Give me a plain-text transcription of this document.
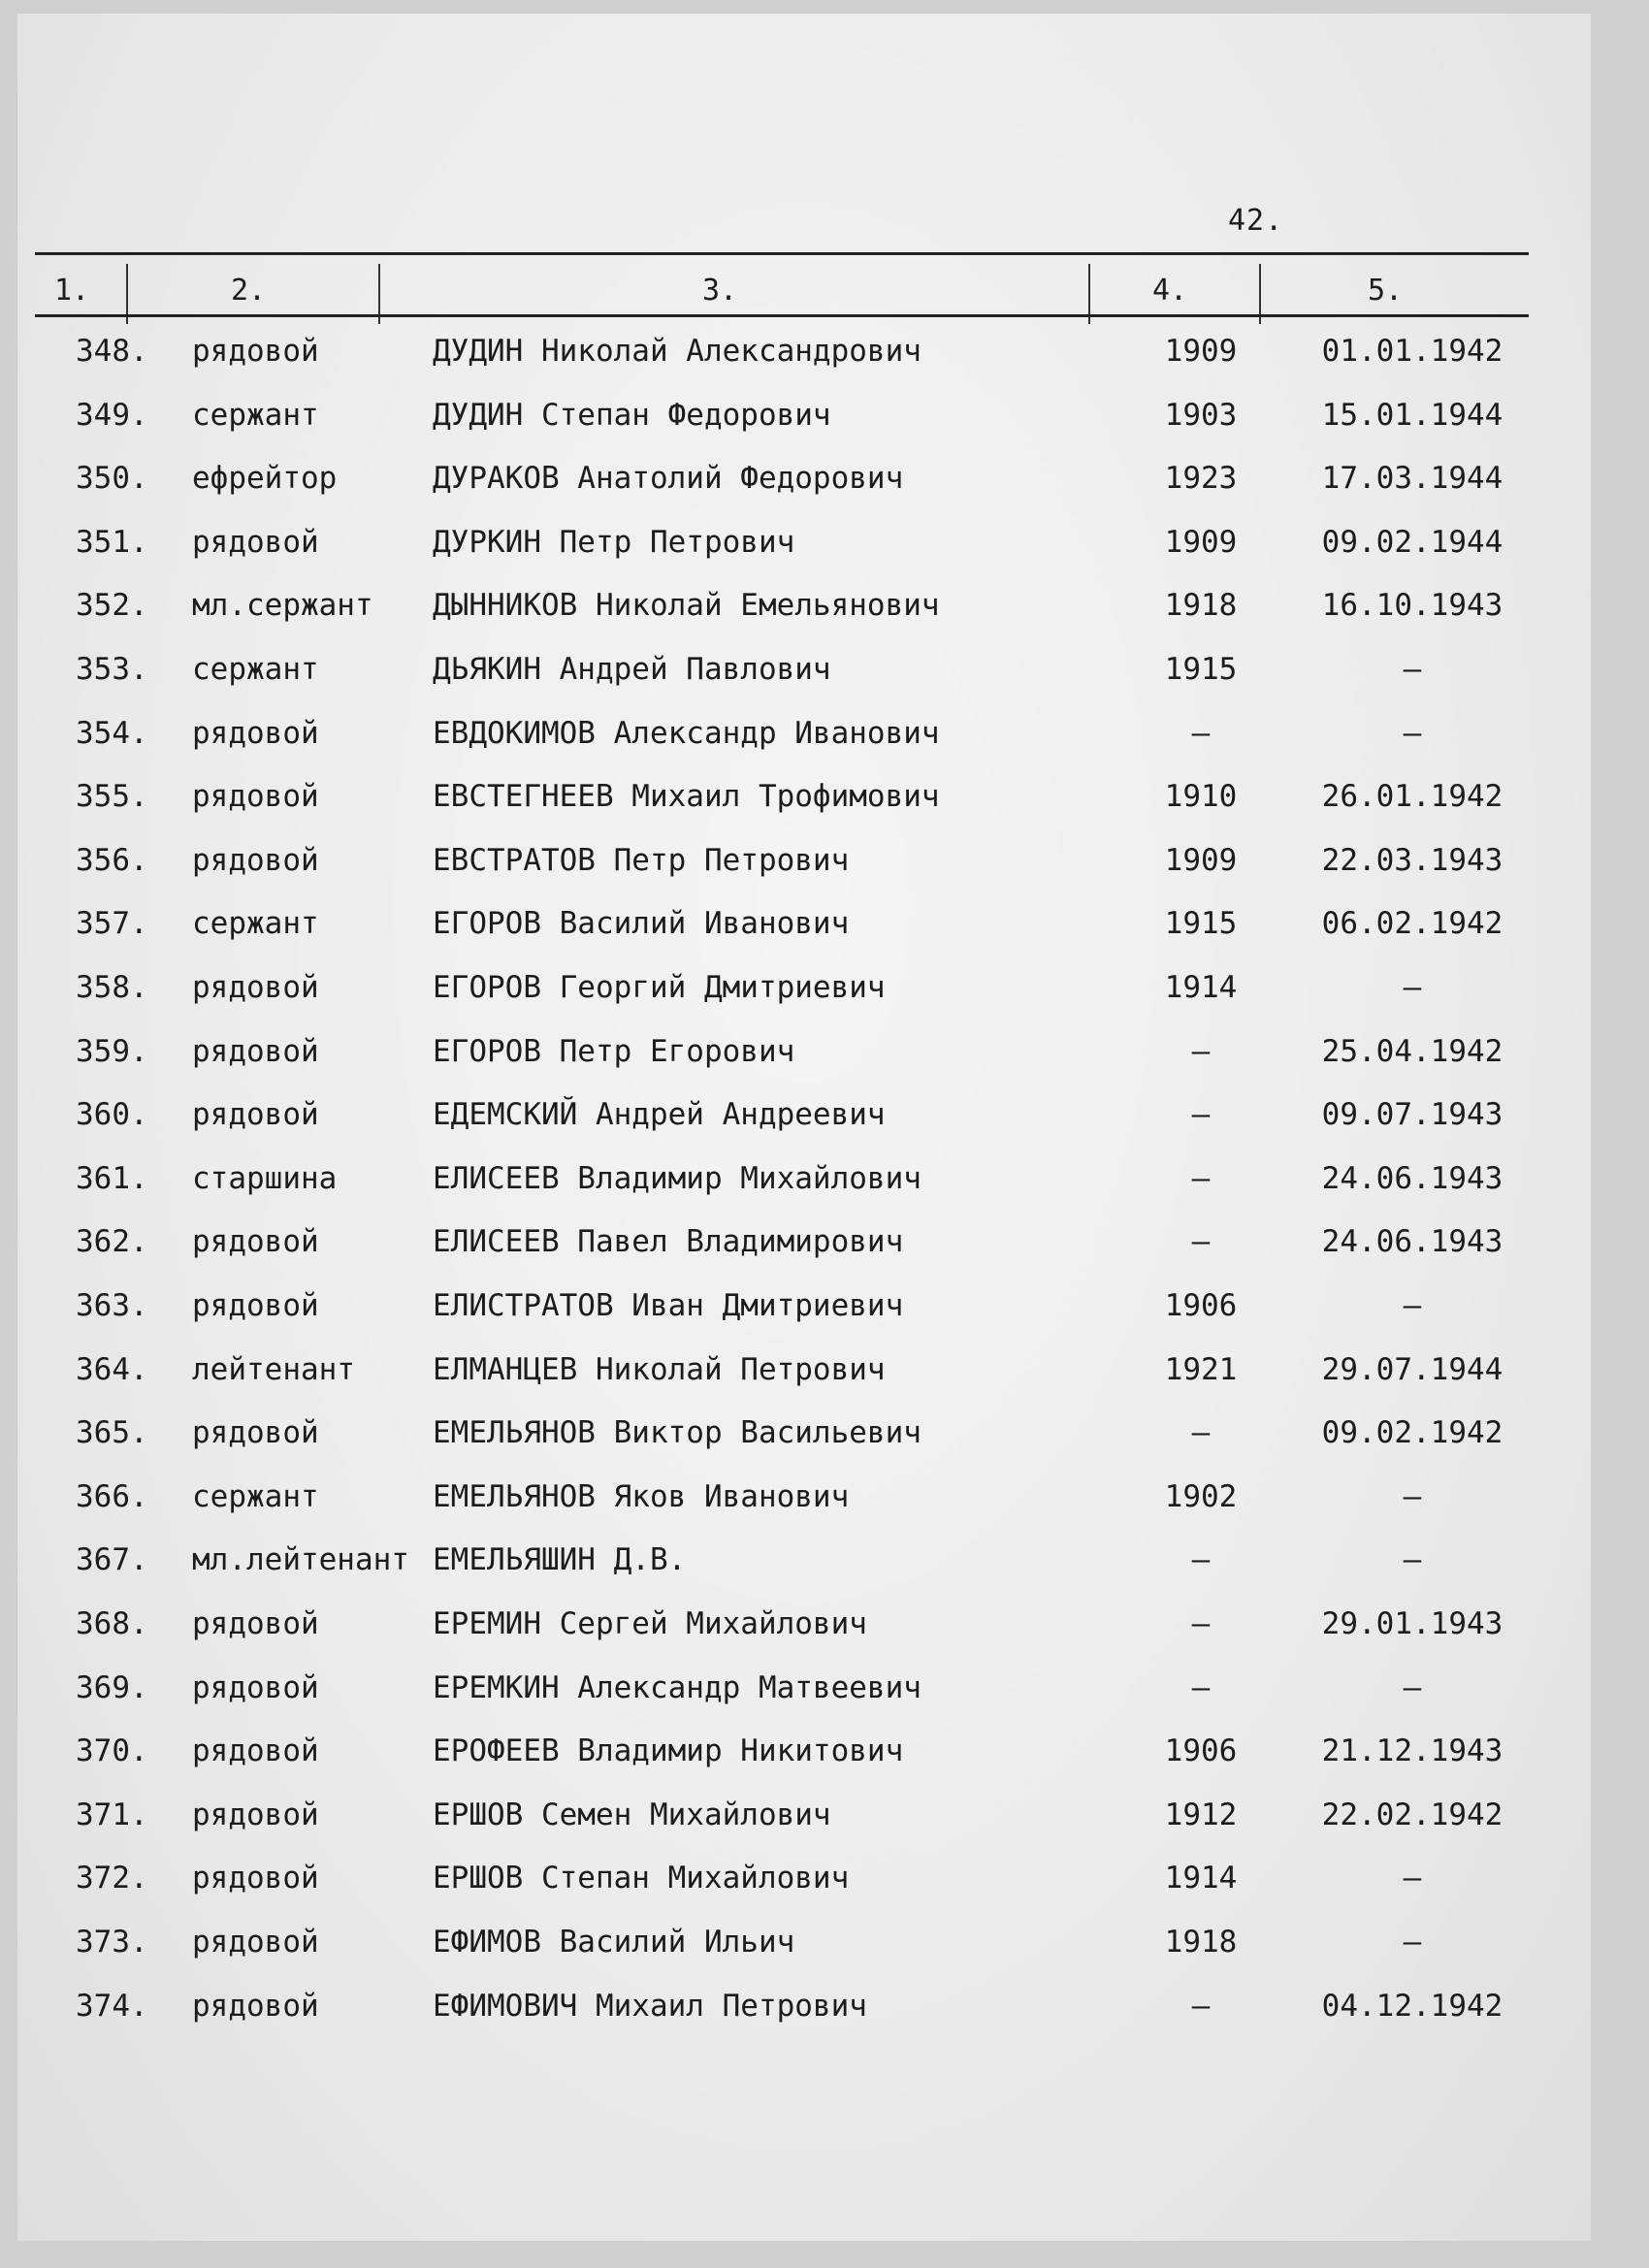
42.
1.	2.	3.	4.	5.
348. рядовой	ДУДИН Николай Александрович	1909	01.01.1942
349. сержант	ДУДИН Степан Федорович	1903	15.01.1944
350. ефрейтор	ДУРАКОВ Анатолий Федорович	1923	17.03.1944
351. рядовой	ДУРКИН Петр Петрович	1909	09.02.1944
352. мл.сержант ДЫННИКОВ Николай Емельянович	1918	16.10.1943
353. сержант	ДЬЯКИН Андрей Павлович	1915	–
354. рядовой	ЕВДОКИМОВ Александр Иванович	–	–
355. рядовой	ЕВСТЕГНЕЕВ Михаил Трофимович	1910	26.01.1942
356. рядовой	ЕВСТРАТОВ Петр Петрович	1909	22.03.1943
357. сержант	ЕГОРОВ Василий Иванович	1915	06.02.1942
358. рядовой	ЕГОРОВ Георгий Дмитриевич	1914	–
359. рядовой	ЕГОРОВ Петр Егорович	–	25.04.1942
360. рядовой	ЕДЕМСКИЙ Андрей Андреевич	–	09.07.1943
361. старшина	ЕЛИСЕЕВ Владимир Михайлович	–	24.06.1943
362. рядовой	ЕЛИСЕЕВ Павел Владимирович	–	24.06.1943
363. рядовой	ЕЛИСТРАТОВ Иван Дмитриевич	1906	–
364. лейтенант	ЕЛМАНЦЕВ Николай Петрович	1921	29.07.1944
365. рядовой	ЕМЕЛЬЯНОВ Виктор Васильевич	–	09.02.1942
366. сержант	ЕМЕЛЬЯНОВ Яков Иванович	1902	–
367. мл.лейтенант ЕМЕЛЬЯШИН Д.В.	–	–
368. рядовой	ЕРЕМИН Сергей Михайлович	–	29.01.1943
369. рядовой	ЕРЕМКИН Александр Матвеевич	–	–
370. рядовой	ЕРОФЕЕВ Владимир Никитович	1906	21.12.1943
371. рядовой	ЕРШОВ Семен Михайлович	1912	22.02.1942
372. рядовой	ЕРШОВ Степан Михайлович	1914	–
373. рядовой	ЕФИМОВ Василий Ильич	1918	–
374. рядовой	ЕФИМОВИЧ Михаил Петрович	–	04.12.1942
